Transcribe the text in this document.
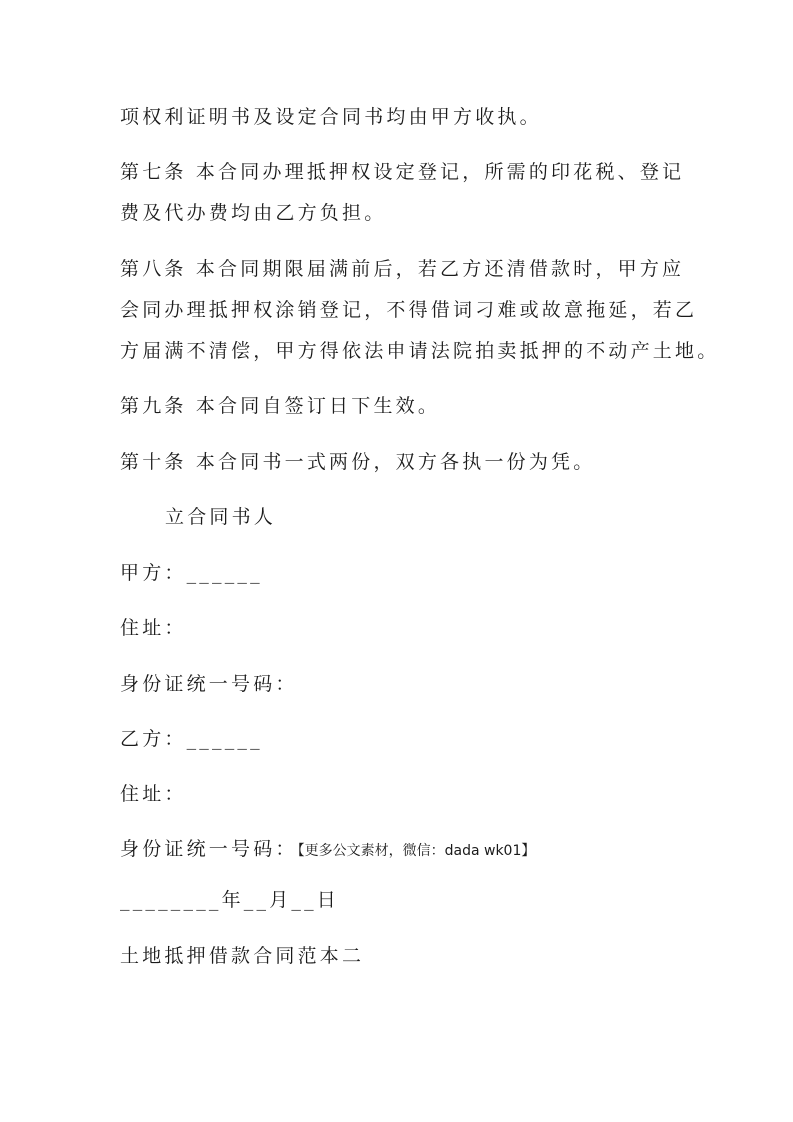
项权利证明书及设定合同书均由甲方收执。
第七条 本合同办理抵押权设定登记，所需的印花税、登记
费及代办费均由乙方负担。
第八条 本合同期限届满前后，若乙方还清借款时，甲方应
会同办理抵押权涂销登记，不得借词刁难或故意拖延，若乙
方届满不清偿，甲方得依法申请法院拍卖抵押的不动产土地。
第九条 本合同自签订日下生效。
第十条 本合同书一式两份，双方各执一份为凭。
立合同书人
甲方：______
住址：
身份证统一号码：
乙方：______
住址：
身份证统一号码：【更多公文素材，微信：dada wk01】
________年__月__日
土地抵押借款合同范本二
